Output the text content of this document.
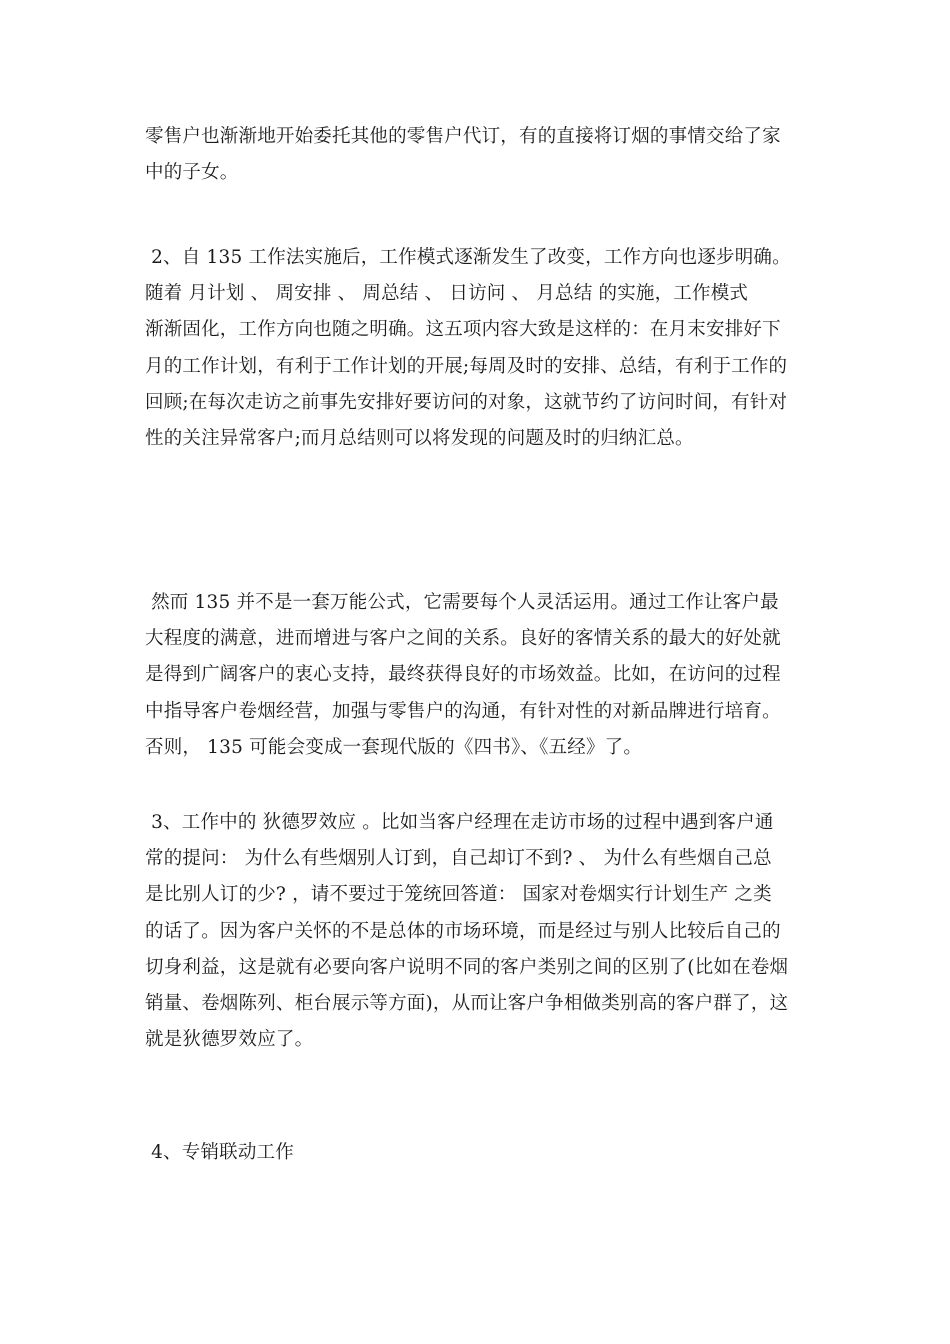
零售户也渐渐地开始委托其他的零售户代订，有的直接将订烟的事情交给了家
中的子女。

2、自 135 工作法实施后，工作模式逐渐发生了改变，工作方向也逐步明确。
随着 月计划 、 周安排 、 周总结 、 日访问 、 月总结 的实施，工作模式
渐渐固化，工作方向也随之明确。这五项内容大致是这样的：在月末安排好下
月的工作计划，有利于工作计划的开展;每周及时的安排、总结，有利于工作的
回顾;在每次走访之前事先安排好要访问的对象，这就节约了访问时间，有针对
性的关注异常客户;而月总结则可以将发现的问题及时的归纳汇总。

然而 135 并不是一套万能公式，它需要每个人灵活运用。通过工作让客户最
大程度的满意，进而增进与客户之间的关系。良好的客情关系的最大的好处就
是得到广阔客户的衷心支持，最终获得良好的市场效益。比如，在访问的过程
中指导客户卷烟经营，加强与零售户的沟通，有针对性的对新品牌进行培育。
否则， 135 可能会变成一套现代版的《四书》、《五经》了。

3、工作中的 狄德罗效应 。比如当客户经理在走访市场的过程中遇到客户通
常的提问： 为什么有些烟别人订到，自己却订不到? 、 为什么有些烟自己总
是比别人订的少? ，请不要过于笼统回答道： 国家对卷烟实行计划生产 之类
的话了。因为客户关怀的不是总体的市场环境，而是经过与别人比较后自己的
切身利益，这是就有必要向客户说明不同的客户类别之间的区别了(比如在卷烟
销量、卷烟陈列、柜台展示等方面)，从而让客户争相做类别高的客户群了，这
就是狄德罗效应了。

4、专销联动工作
